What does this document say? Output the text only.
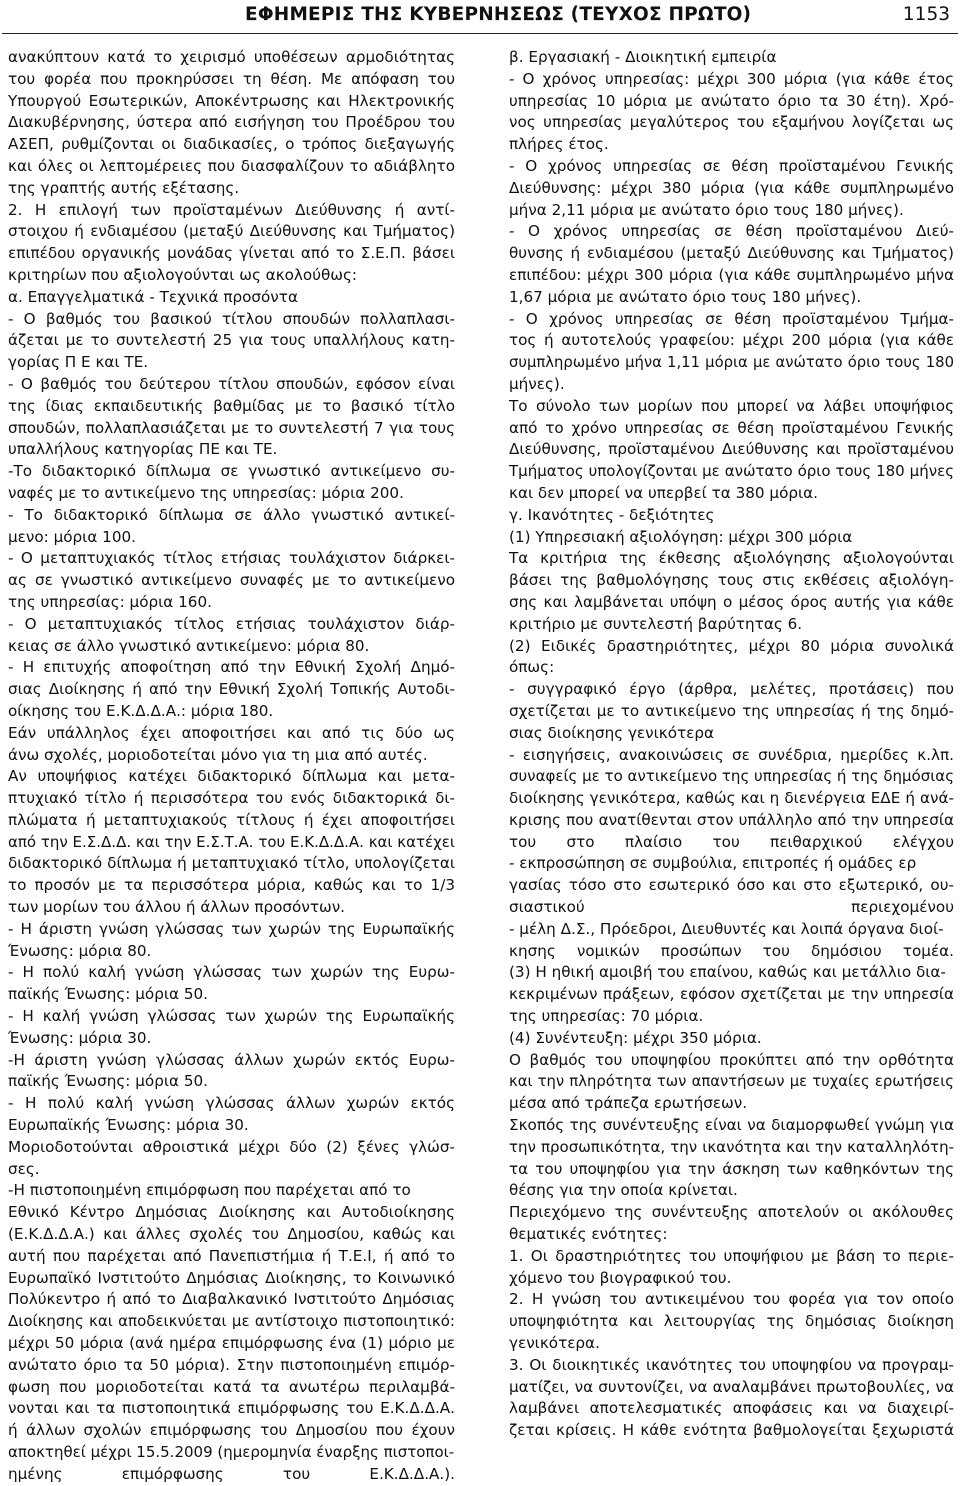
ΕΦΗΜΕΡΙΣ ΤΗΣ ΚΥΒΕΡΝΗΣΕΩΣ (ΤΕΥΧΟΣ ΠΡΩΤΟ)	1153
ανακύπτουν κατά το χειρισμό υποθέσεων αρμοδιότητας
του φορέα που προκηρύσσει τη θέση. Με απόφαση του
Υπουργού Εσωτερικών, Αποκέντρωσης και Ηλεκτρονικής
Διακυβέρνησης, ύστερα από εισήγηση του Προέδρου του
ΑΣΕΠ, ρυθμίζονται οι διαδικασίες, ο τρόπος διεξαγωγής
και όλες οι λεπτομέρειες που διασφαλίζουν το αδιάβλητο
της γραπτής αυτής εξέτασης.
2. Η επιλογή των προϊσταμένων Διεύθυνσης ή αντί-
στοιχου ή ενδιαμέσου (μεταξύ Διεύθυνσης και Τμήματος)
επιπέδου οργανικής μονάδας γίνεται από το Σ.Ε.Π. βάσει
κριτηρίων που αξιολογούνται ως ακολούθως:
α. Επαγγελματικά - Τεχνικά προσόντα
- Ο βαθμός του βασικού τίτλου σπουδών πολλαπλασι-
άζεται με το συντελεστή 25 για τους υπαλλήλους κατη-
γορίας Π Ε και ΤΕ.
- Ο βαθμός του δεύτερου τίτλου σπουδών, εφόσον είναι
της ίδιας εκπαιδευτικής βαθμίδας με το βασικό τίτλο
σπουδών, πολλαπλασιάζεται με το συντελεστή 7 για τους
υπαλλήλους κατηγορίας ΠΕ και ΤΕ.
-Το διδακτορικό δίπλωμα σε γνωστικό αντικείμενο συ-
ναφές με το αντικείμενο της υπηρεσίας: μόρια 200.
- Το διδακτορικό δίπλωμα σε άλλο γνωστικό αντικεί-
μενο: μόρια 100.
- Ο μεταπτυχιακός τίτλος ετήσιας τουλάχιστον διάρκει-
ας σε γνωστικό αντικείμενο συναφές με το αντικείμενο
της υπηρεσίας: μόρια 160.
- Ο μεταπτυχιακός τίτλος ετήσιας τουλάχιστον διάρ-
κειας σε άλλο γνωστικό αντικείμενο: μόρια 80.
- Η επιτυχής αποφοίτηση από την Εθνική Σχολή Δημό-
σιας Διοίκησης ή από την Εθνική Σχολή Τοπικής Αυτοδι-
οίκησης του Ε.Κ.Δ.Δ.Α.: μόρια 180.
Εάν υπάλληλος έχει αποφοιτήσει και από τις δύο ως
άνω σχολές, μοριοδοτείται μόνο για τη μια από αυτές.
Αν υποψήφιος κατέχει διδακτορικό δίπλωμα και μετα-
πτυχιακό τίτλο ή περισσότερα του ενός διδακτορικά δι-
πλώματα ή μεταπτυχιακούς τίτλους ή έχει αποφοιτήσει
από την Ε.Σ.Δ.Δ. και την Ε.Σ.Τ.Α. του Ε.Κ.Δ.Δ.Α. και κατέχει
διδακτορικό δίπλωμα ή μεταπτυχιακό τίτλο, υπολογίζεται
το προσόν με τα περισσότερα μόρια, καθώς και το 1/3
των μορίων του άλλου ή άλλων προσόντων.
- Η άριστη γνώση γλώσσας των χωρών της Ευρωπαϊκής
Ένωσης: μόρια 80.
- Η πολύ καλή γνώση γλώσσας των χωρών της Ευρω-
παϊκής Ένωσης: μόρια 50.
- Η καλή γνώση γλώσσας των χωρών της Ευρωπαϊκής
Ένωσης: μόρια 30.
-Η άριστη γνώση γλώσσας άλλων χωρών εκτός Ευρω-
παϊκής Ένωσης: μόρια 50.
- Η πολύ καλή γνώση γλώσσας άλλων χωρών εκτός
Ευρωπαϊκής Ένωσης: μόρια 30.
Μοριοδοτούνται αθροιστικά μέχρι δύο (2) ξένες γλώσ-
σες.
-Η πιστοποιημένη επιμόρφωση που παρέχεται από το
Εθνικό Κέντρο Δημόσιας Διοίκησης και Αυτοδιοίκησης
(Ε.Κ.Δ.Δ.Α.) και άλλες σχολές του Δημοσίου, καθώς και
αυτή που παρέχεται από Πανεπιστήμια ή Τ.Ε.Ι, ή από το
Ευρωπαϊκό Ινστιτούτο Δημόσιας Διοίκησης, το Κοινωνικό
Πολύκεντρο ή από το Διαβαλκανικό Ινστιτούτο Δημόσιας
Διοίκησης και αποδεικνύεται με αντίστοιχο πιστοποιητικό:
μέχρι 50 μόρια (ανά ημέρα επιμόρφωσης ένα (1) μόριο με
ανώτατο όριο τα 50 μόρια). Στην πιστοποιημένη επιμόρ-
φωση που μοριοδοτείται κατά τα ανωτέρω περιλαμβά-
νονται και τα πιστοποιητικά επιμόρφωσης του Ε.Κ.Δ.Δ.Α.
ή άλλων σχολών επιμόρφωσης του Δημοσίου που έχουν
αποκτηθεί μέχρι 15.5.2009 (ημερομηνία έναρξης πιστοποι-
ημένης επιμόρφωσης του Ε.Κ.Δ.Δ.Α.).
β. Εργασιακή - Διοικητική εμπειρία
- Ο χρόνος υπηρεσίας: μέχρι 300 μόρια (για κάθε έτος
υπηρεσίας 10 μόρια με ανώτατο όριο τα 30 έτη). Χρό-
νος υπηρεσίας μεγαλύτερος του εξαμήνου λογίζεται ως
πλήρες έτος.
- Ο χρόνος υπηρεσίας σε θέση προϊσταμένου Γενικής
Διεύθυνσης: μέχρι 380 μόρια (για κάθε συμπληρωμένο
μήνα 2,11 μόρια με ανώτατο όριο τους 180 μήνες).
- Ο χρόνος υπηρεσίας σε θέση προϊσταμένου Διεύ-
θυνσης ή ενδιαμέσου (μεταξύ Διεύθυνσης και Τμήματος)
επιπέδου: μέχρι 300 μόρια (για κάθε συμπληρωμένο μήνα
1,67 μόρια με ανώτατο όριο τους 180 μήνες).
- Ο χρόνος υπηρεσίας σε θέση προϊσταμένου Τμήμα-
τος ή αυτοτελούς γραφείου: μέχρι 200 μόρια (για κάθε
συμπληρωμένο μήνα 1,11 μόρια με ανώτατο όριο τους 180
μήνες).
Το σύνολο των μορίων που μπορεί να λάβει υποψήφιος
από το χρόνο υπηρεσίας σε θέση προϊσταμένου Γενικής
Διεύθυνσης, προϊσταμένου Διεύθυνσης και προϊσταμένου
Τμήματος υπολογίζονται με ανώτατο όριο τους 180 μήνες
και δεν μπορεί να υπερβεί τα 380 μόρια.
γ. Ικανότητες - δεξιότητες
(1) Υπηρεσιακή αξιολόγηση: μέχρι 300 μόρια
Τα κριτήρια της έκθεσης αξιολόγησης αξιολογούνται
βάσει της βαθμολόγησης τους στις εκθέσεις αξιολόγη-
σης και λαμβάνεται υπόψη ο μέσος όρος αυτής για κάθε
κριτήριο με συντελεστή βαρύτητας 6.
(2) Ειδικές δραστηριότητες, μέχρι 80 μόρια συνολικά
όπως:
- συγγραφικό έργο (άρθρα, μελέτες, προτάσεις) που
σχετίζεται με το αντικείμενο της υπηρεσίας ή της δημό-
σιας διοίκησης γενικότερα
- εισηγήσεις, ανακοινώσεις σε συνέδρια, ημερίδες κ.λπ.
συναφείς με το αντικείμενο της υπηρεσίας ή της δημόσιας
διοίκησης γενικότερα, καθώς και η διενέργεια ΕΔΕ ή ανά-
κρισης που ανατίθενται στον υπάλληλο από την υπηρεσία
του στο πλαίσιο του πειθαρχικού ελέγχου
- εκπροσώπηση σε συμβούλια, επιτροπές ή ομάδες ερ
γασίας τόσο στο εσωτερικό όσο και στο εξωτερικό, ου-
σιαστικού περιεχομένου
- μέλη Δ.Σ., Πρόεδροι, Διευθυντές και λοιπά όργανα διοί-
κησης νομικών προσώπων του δημόσιου τομέα.
(3) Η ηθική αμοιβή του επαίνου, καθώς και μετάλλιο δια-
κεκριμένων πράξεων, εφόσον σχετίζεται με την υπηρεσία
της υπηρεσίας: 70 μόρια.
(4) Συνέντευξη: μέχρι 350 μόρια.
Ο βαθμός του υποψηφίου προκύπτει από την ορθότητα
και την πληρότητα των απαντήσεων με τυχαίες ερωτήσεις
μέσα από τράπεζα ερωτήσεων.
Σκοπός της συνέντευξης είναι να διαμορφωθεί γνώμη για
την προσωπικότητα, την ικανότητα και την καταλληλότη-
τα του υποψηφίου για την άσκηση των καθηκόντων της
θέσης για την οποία κρίνεται.
Περιεχόμενο της συνέντευξης αποτελούν οι ακόλουθες
θεματικές ενότητες:
1. Οι δραστηριότητες του υποψήφιου με βάση το περιε-
χόμενο του βιογραφικού του.
2. Η γνώση του αντικειμένου του φορέα για τον οποίο
υποψηφιότητα και λειτουργίας της δημόσιας διοίκηση
γενικότερα.
3. Οι διοικητικές ικανότητες του υποψηφίου να προγραμ-
ματίζει, να συντονίζει, να αναλαμβάνει πρωτοβουλίες, να
λαμβάνει αποτελεσματικές αποφάσεις και να διαχειρί-
ζεται κρίσεις. Η κάθε ενότητα βαθμολογείται ξεχωριστά
